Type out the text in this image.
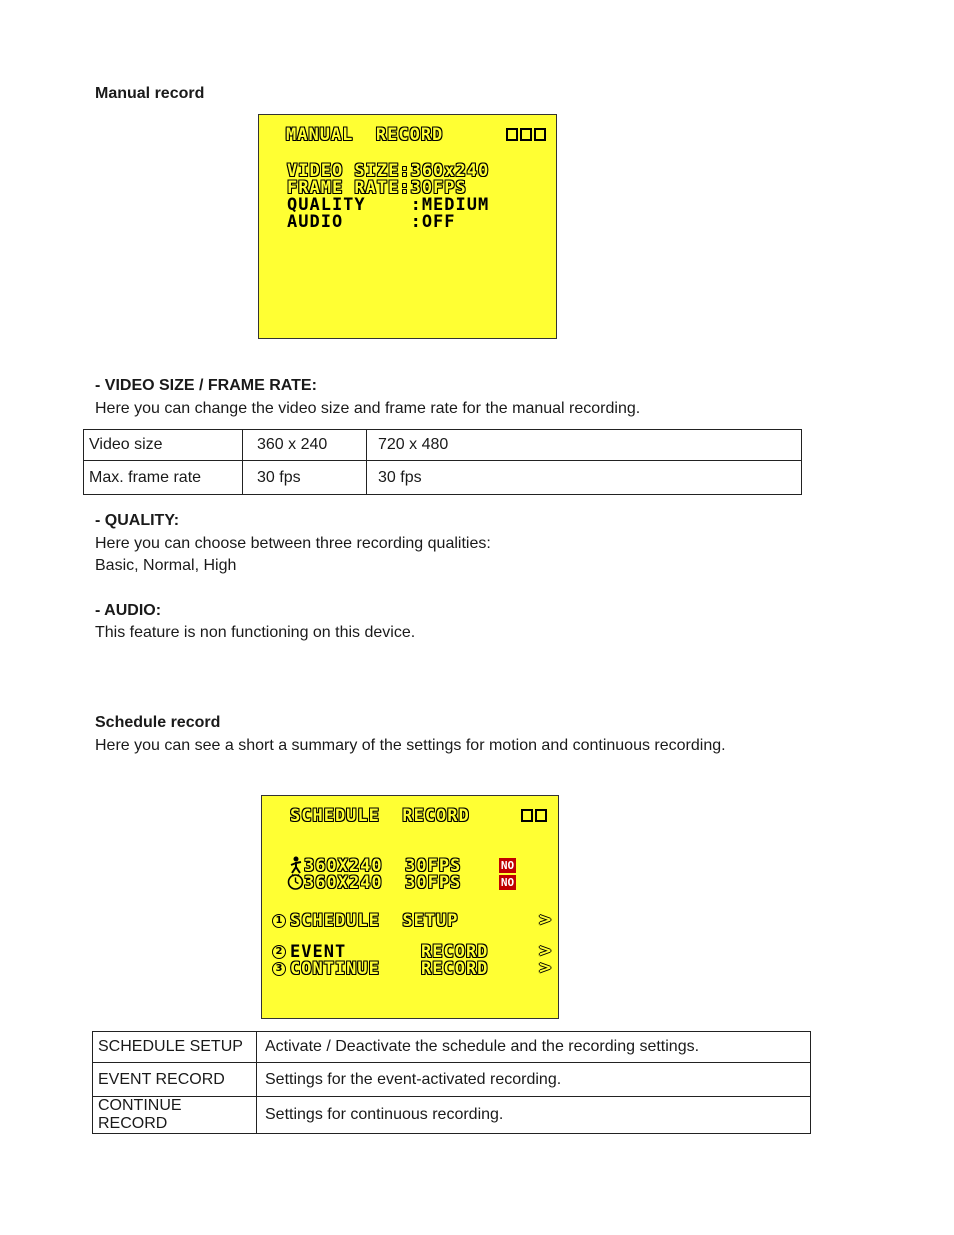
Manual record
MANUAL  RECORD
VIDEO SIZE:360x240
FRAME RATE:30FPS
QUALITY    :MEDIUM
AUDIO      :OFF
- VIDEO SIZE / FRAME RATE:
Here you can change the video size and frame rate for the manual recording.
Video size	360 x 240	720 x 480
Max. frame rate	30 fps	30 fps
- QUALITY:
Here you can choose between three recording qualities:
Basic, Normal, High
- AUDIO:
This feature is non functioning on this device.
Schedule record
Here you can see a short a summary of the settings for motion and continuous recording.
SCHEDULE  RECORD
360X240  30FPS	NO
360X240  30FPS	NO
1 SCHEDULE  SETUP	>
2 EVENT	RECORD	>
3 CONTINUE RECORD	>
SCHEDULE SETUP	Activate / Deactivate the schedule and the recording settings.
EVENT RECORD	Settings for the event-activated recording.
CONTINUE RECORD	Settings for continuous recording.
